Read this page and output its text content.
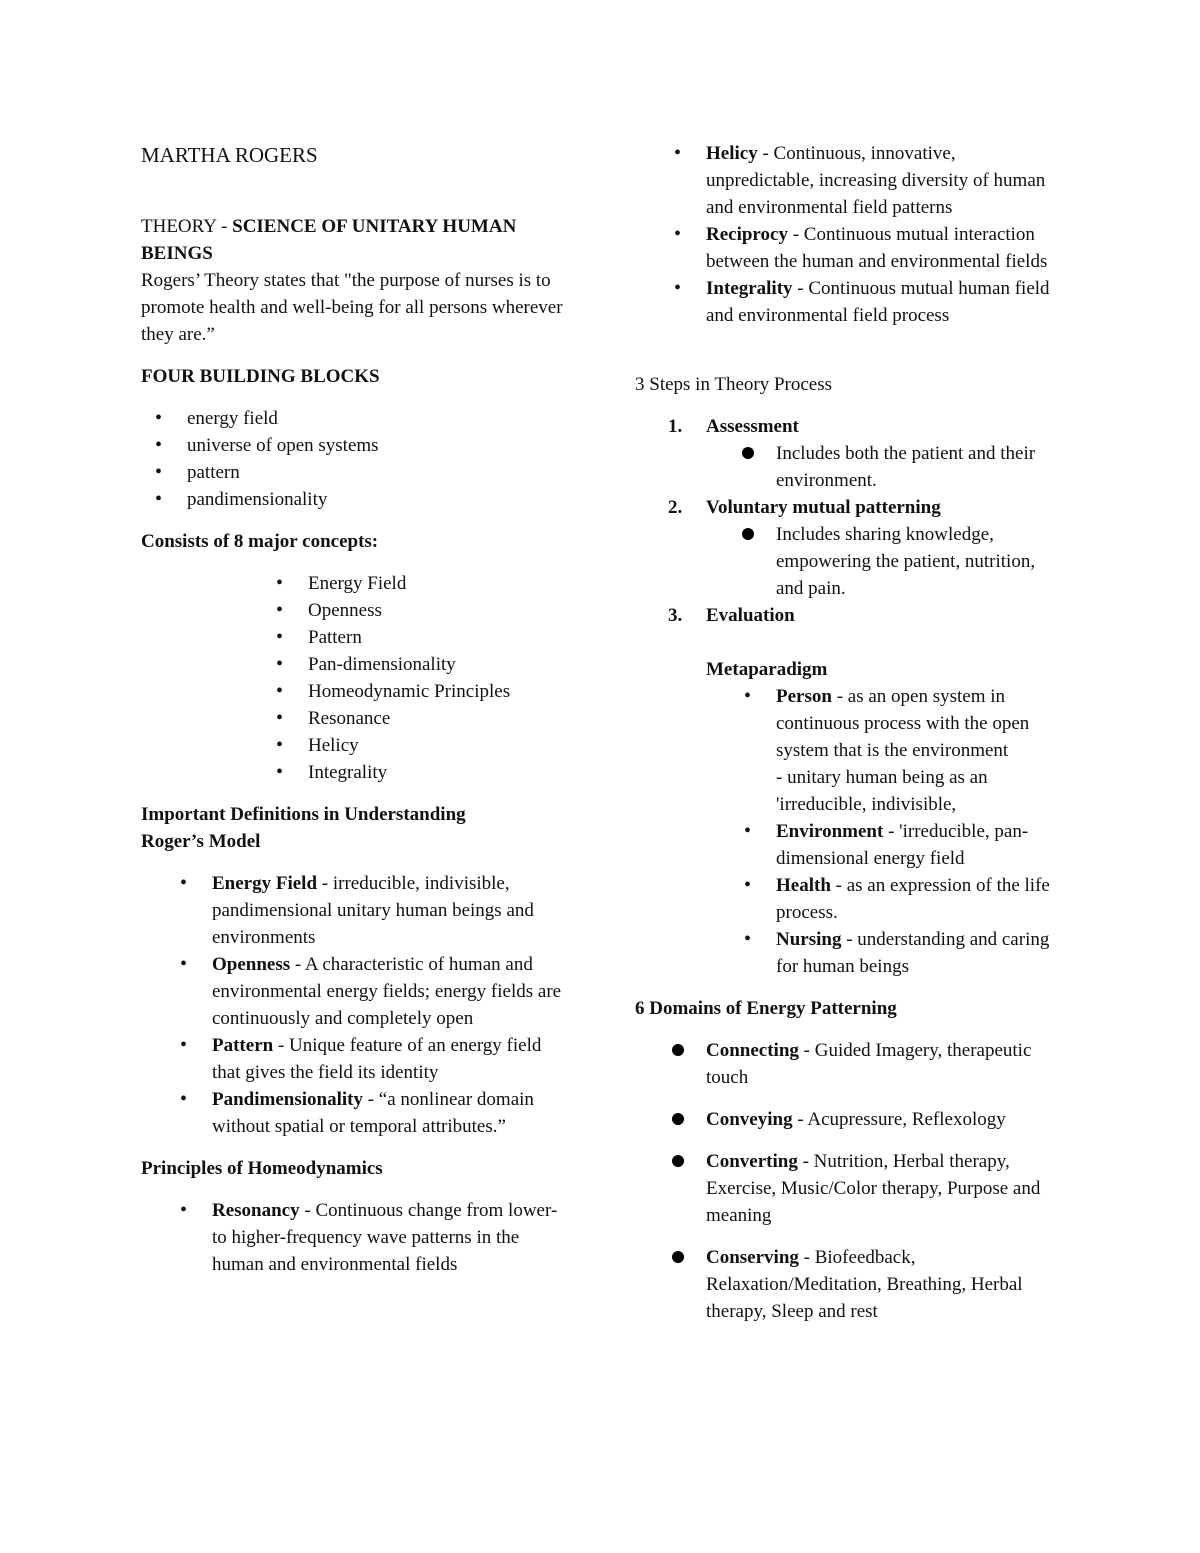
MARTHA ROGERS

THEORY - SCIENCE OF UNITARY HUMAN BEINGS

Rogers’ Theory states that "the purpose of nurses is to promote health and well-being for all persons wherever they are.”

FOUR BUILDING BLOCKS

• energy field
• universe of open systems
• pattern
• pandimensionality

Consists of 8 major concepts:

• Energy Field
• Openness
• Pattern
• Pan-dimensionality
• Homeodynamic Principles
• Resonance
• Helicy
• Integrality

Important Definitions in Understanding Roger’s Model

• Energy Field - irreducible, indivisible, pandimensional unitary human beings and environments
• Openness - A characteristic of human and environmental energy fields; energy fields are continuously and completely open
• Pattern - Unique feature of an energy field that gives the field its identity
• Pandimensionality - “a nonlinear domain without spatial or temporal attributes.”

Principles of Homeodynamics

• Resonancy - Continuous change from lower- to higher-frequency wave patterns in the human and environmental fields
• Helicy - Continuous, innovative, unpredictable, increasing diversity of human and environmental field patterns
• Reciprocy - Continuous mutual interaction between the human and environmental fields
• Integrality - Continuous mutual human field and environmental field process

3 Steps in Theory Process

1. Assessment
Includes both the patient and their environment.
2. Voluntary mutual patterning
Includes sharing knowledge, empowering the patient, nutrition, and pain.
3. Evaluation

Metaparadigm

• Person - as an open system in continuous process with the open system that is the environment
- unitary human being as an 'irreducible, indivisible,
• Environment - 'irreducible, pan-dimensional energy field
• Health - as an expression of the life process.
• Nursing - understanding and caring for human beings

6 Domains of Energy Patterning

Connecting - Guided Imagery, therapeutic touch
Conveying - Acupressure, Reflexology
Converting - Nutrition, Herbal therapy, Exercise, Music/Color therapy, Purpose and meaning
Conserving - Biofeedback, Relaxation/Meditation, Breathing, Herbal therapy, Sleep and rest
